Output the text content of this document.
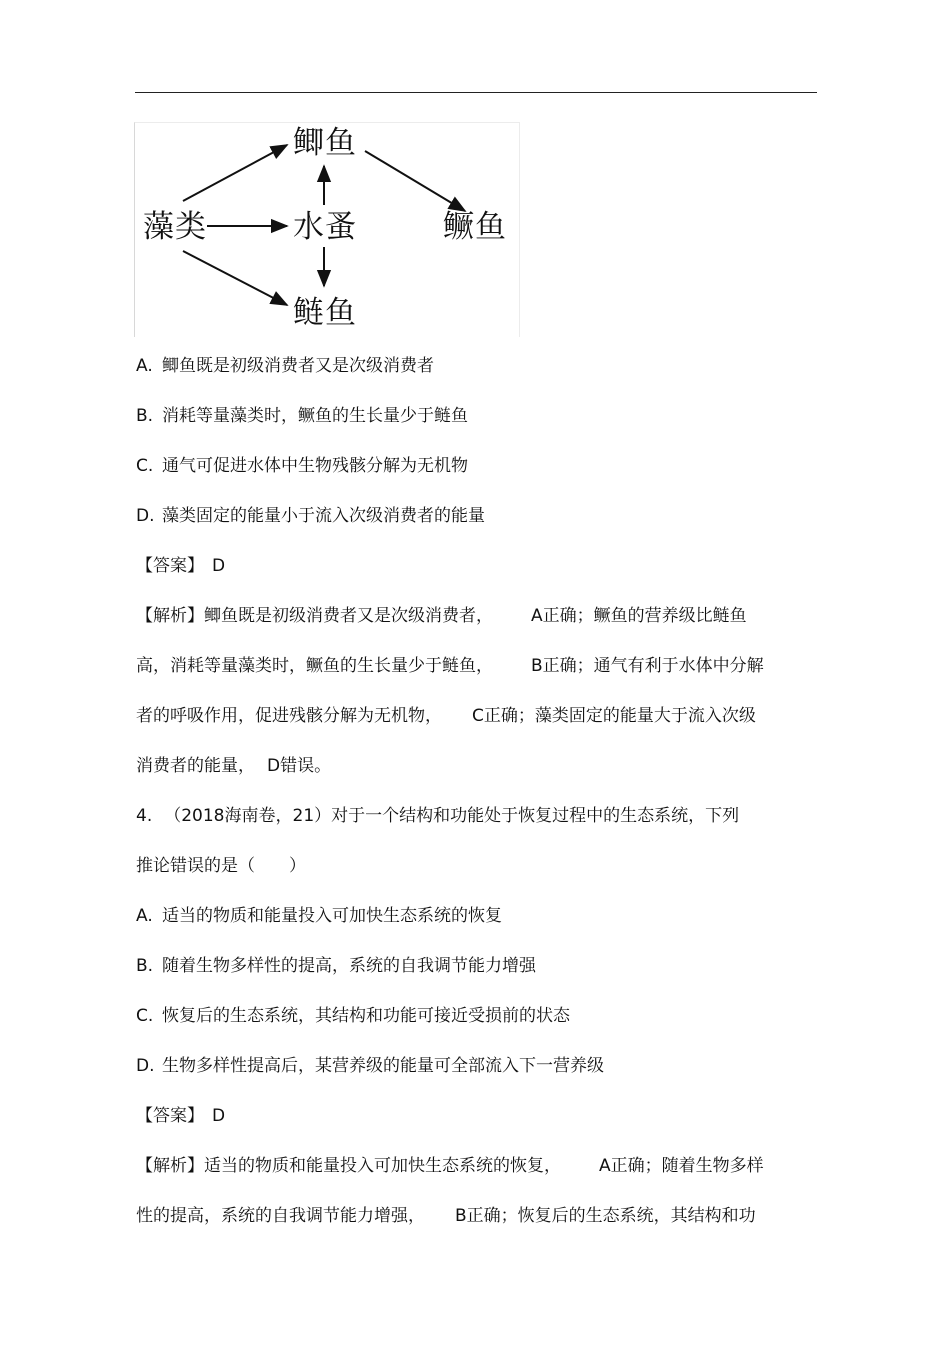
鲫鱼
藻类	水蚤	鳜鱼
鲢鱼
A. 鲫鱼既是初级消费者又是次级消费者
B. 消耗等量藻类时，鳜鱼的生长量少于鲢鱼
C. 通气可促进水体中生物残骸分解为无机物
D. 藻类固定的能量小于流入次级消费者的能量
【答案】 D
【解析】鲫鱼既是初级消费者又是次级消费者， A正确；鳜鱼的营养级比鲢鱼
高，消耗等量藻类时，鳜鱼的生长量少于鲢鱼， B正确；通气有利于水体中分解
者的呼吸作用，促进残骸分解为无机物， C正确；藻类固定的能量大于流入次级
消费者的能量， D错误。
4. （2018海南卷，21）对于一个结构和功能处于恢复过程中的生态系统，下列
推论错误的是（　　）
A. 适当的物质和能量投入可加快生态系统的恢复
B. 随着生物多样性的提高，系统的自我调节能力增强
C. 恢复后的生态系统，其结构和功能可接近受损前的状态
D. 生物多样性提高后，某营养级的能量可全部流入下一营养级
【答案】 D
【解析】适当的物质和能量投入可加快生态系统的恢复， A正确；随着生物多样
性的提高，系统的自我调节能力增强， B正确；恢复后的生态系统，其结构和功
